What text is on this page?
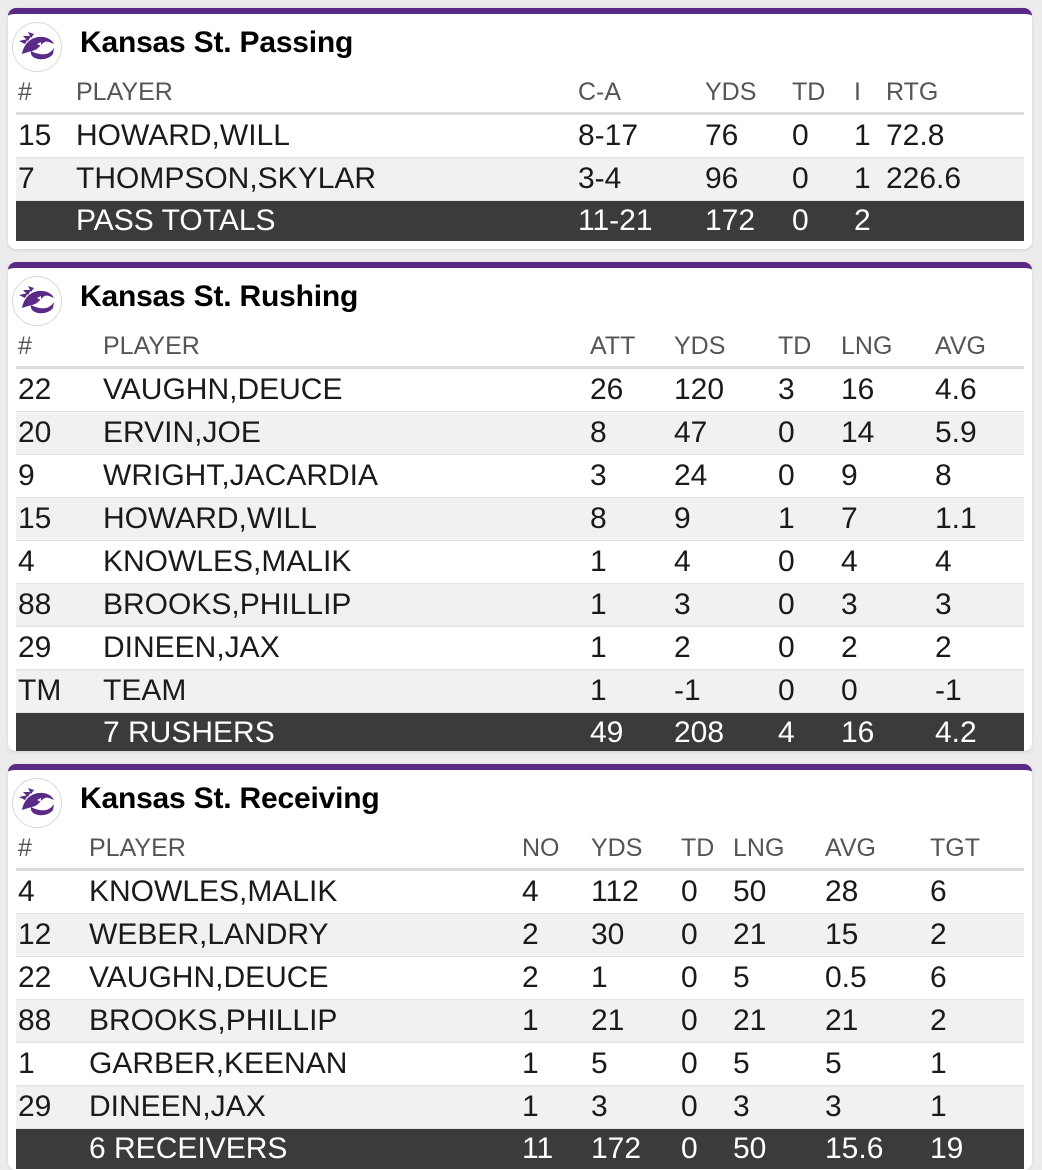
Kansas St. Passing
#	PLAYER	C-A	YDS	TD	I	RTG
15	HOWARD,WILL	8-17	76	0	1	72.8
7	THOMPSON,SKYLAR	3-4	96	0	1	226.6
	PASS TOTALS	11-21	172	0	2	
Kansas St. Rushing
#	PLAYER	ATT	YDS	TD	LNG	AVG
22	VAUGHN,DEUCE	26	120	3	16	4.6
20	ERVIN,JOE	8	47	0	14	5.9
9	WRIGHT,JACARDIA	3	24	0	9	8
15	HOWARD,WILL	8	9	1	7	1.1
4	KNOWLES,MALIK	1	4	0	4	4
88	BROOKS,PHILLIP	1	3	0	3	3
29	DINEEN,JAX	1	2	0	2	2
TM	TEAM	1	-1	0	0	-1
	7 RUSHERS	49	208	4	16	4.2
Kansas St. Receiving
#	PLAYER	NO	YDS	TD	LNG	AVG	TGT
4	KNOWLES,MALIK	4	112	0	50	28	6
12	WEBER,LANDRY	2	30	0	21	15	2
22	VAUGHN,DEUCE	2	1	0	5	0.5	6
88	BROOKS,PHILLIP	1	21	0	21	21	2
1	GARBER,KEENAN	1	5	0	5	5	1
29	DINEEN,JAX	1	3	0	3	3	1
	6 RECEIVERS	11	172	0	50	15.6	19
